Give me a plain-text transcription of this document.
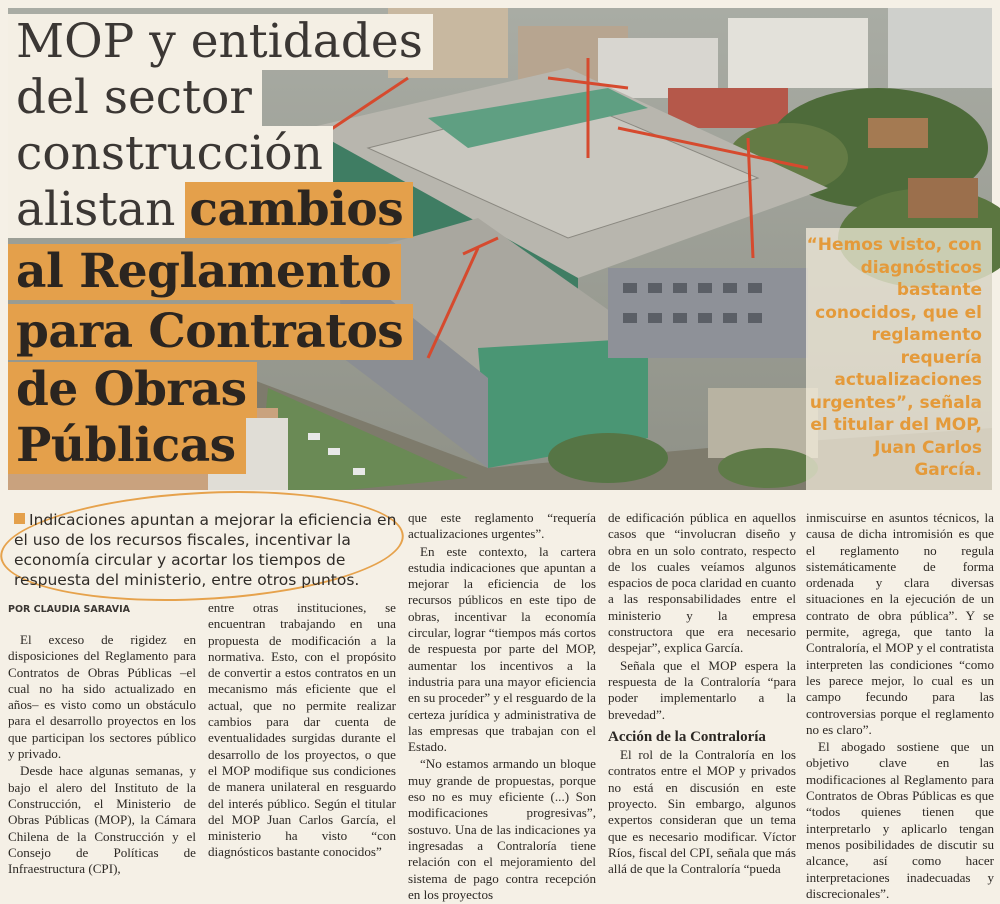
MOP y entidades
del sector
construcción
alistan cambios
al Reglamento
para Contratos
de Obras
Públicas
“Hemos visto, con diagnósticos bastante conocidos, que el reglamento requería actualizaciones urgentes”, señala el titular del MOP, Juan Carlos García.
Indicaciones apuntan a mejorar la eficiencia en el uso de los recursos fiscales, incentivar la economía circular y acortar los tiempos de respuesta del ministerio, entre otros puntos.
POR CLAUDIA SARAVIA

El exceso de rigidez en disposiciones del Reglamento para Contratos de Obras Públicas –el cual no ha sido actualizado en años– es visto como un obstáculo para el desarrollo proyectos en los que participan los sectores público y privado.

Desde hace algunas semanas, y bajo el alero del Instituto de la Construcción, el Ministerio de Obras Públicas (MOP), la Cámara Chilena de la Construcción y el Consejo de Políticas de Infraestructura (CPI),

entre otras instituciones, se encuentran trabajando en una propuesta de modificación a la normativa. Esto, con el propósito de convertir a estos contratos en un mecanismo más eficiente que el actual, que no permite realizar cambios para dar cuenta de eventualidades surgidas durante el desarrollo de los proyectos, o que el MOP modifique sus condiciones de manera unilateral en resguardo del interés público. Según el titular del MOP Juan Carlos García, el ministerio ha visto “con diagnósticos bastante conocidos”

que este reglamento “requería actualizaciones urgentes”.

En este contexto, la cartera estudia indicaciones que apuntan a mejorar la eficiencia de los recursos públicos en este tipo de obras, incentivar la economía circular, lograr “tiempos más cortos de respuesta por parte del MOP, aumentar los incentivos a la industria para una mayor eficiencia en su proceder” y el resguardo de la certeza jurídica y administrativa de las empresas que trabajan con el Estado.

“No estamos armando un bloque muy grande de propuestas, porque eso no es muy eficiente (...) Son modificaciones progresivas”, sostuvo. Una de las indicaciones ya ingresadas a Contraloría tiene relación con el mejoramiento del sistema de pago contra recepción en los proyectos

de edificación pública en aquellos casos que “involucran diseño y obra en un solo contrato, respecto de los cuales veíamos algunos espacios de poca claridad en cuanto a las responsabilidades entre el ministerio y la empresa constructora que era necesario despejar”, explica García.

Señala que el MOP espera la respuesta de la Contraloría “para poder implementarlo a la brevedad”.

Acción de la Contraloría

El rol de la Contraloría en los contratos entre el MOP y privados no está en discusión en este proyecto. Sin embargo, algunos expertos consideran que un tema que es necesario modificar. Víctor Ríos, fiscal del CPI, señala que más allá de que la Contraloría “pueda

inmiscuirse en asuntos técnicos, la causa de dicha intromisión es que el reglamento no regula sistemáticamente de forma ordenada y clara diversas situaciones en la ejecución de un contrato de obra pública”. Y se permite, agrega, que tanto la Contraloría, el MOP y el contratista interpreten las condiciones “como les parece mejor, lo cual es un campo fecundo para las controversias porque el reglamento no es claro”.

El abogado sostiene que un objetivo clave en las modificaciones al Reglamento para Contratos de Obras Públicas es que “todos quienes tienen que interpretarlo y aplicarlo tengan menos posibilidades de discutir su alcance, así como hacer interpretaciones inadecuadas y discrecionales”.
